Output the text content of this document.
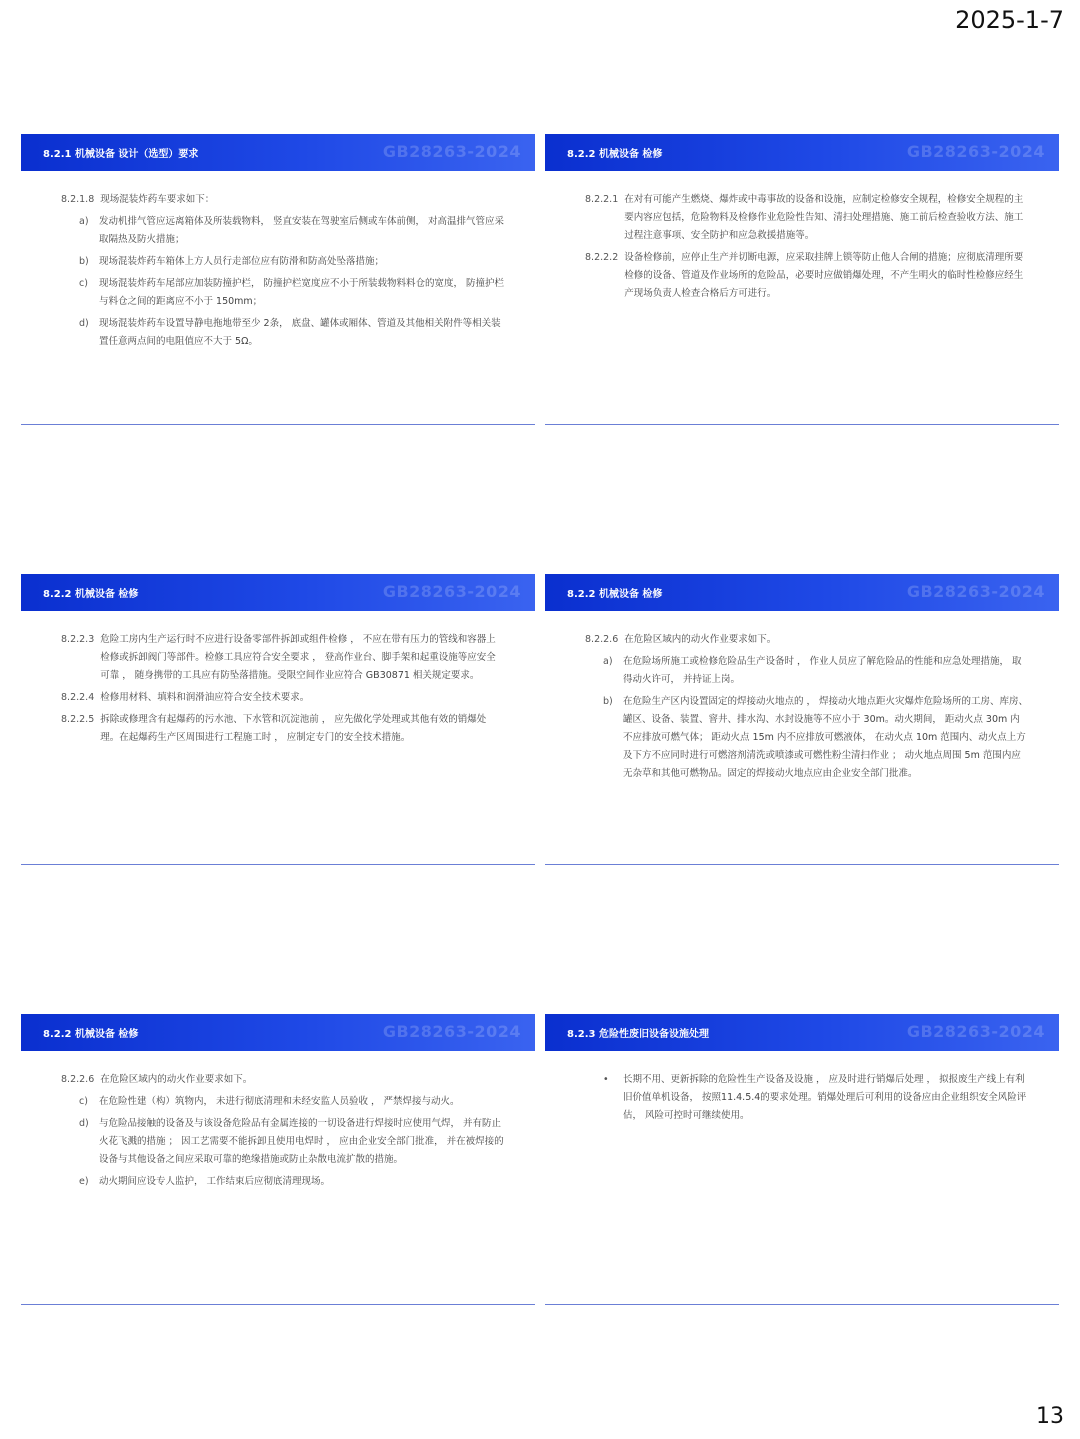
2025-1-7
8.2.1 机械设备 设计（选型）要求	GB28263-2024
8.2.1.8 现场混装炸药车要求如下：
a)	发动机排气管应远离箱体及所装载物料， 竖直安装在驾驶室后侧或车体前侧， 对高温排气管应采取隔热及防火措施；
b)	现场混装炸药车箱体上方人员行走部位应有防滑和防高处坠落措施；
c)	现场混装炸药车尾部应加装防撞护栏， 防撞护栏宽度应不小于所装载物料料仓的宽度， 防撞护栏与料仓之间的距离应不小于 150mm；
d)	现场混装炸药车设置导静电拖地带至少 2条， 底盘、罐体或厢体、管道及其他相关附件等相关装置任意两点间的电阻值应不大于 5Ω。
8.2.2 机械设备 检修	GB28263-2024
8.2.2.1 在对有可能产生燃烧、爆炸或中毒事故的设备和设施，应制定检修安全规程，检修安全规程的主要内容应包括，危险物料及检修作业危险性告知、清扫处理措施、施工前后检查验收方法、施工过程注意事项、安全防护和应急救援措施等。
8.2.2.2 设备检修前，应停止生产并切断电源，应采取挂牌上锁等防止他人合闸的措施；应彻底清理所要检修的设备、管道及作业场所的危险品，必要时应做销爆处理，不产生明火的临时性检修应经生产现场负责人检查合格后方可进行。
8.2.2 机械设备 检修	GB28263-2024
8.2.2.3 危险工房内生产运行时不应进行设备零部件拆卸或组件检修 ， 不应在带有压力的管线和容器上检修或拆卸阀门等部件。检修工具应符合安全要求 ， 登高作业台、脚手架和起重设施等应安全可靠 ， 随身携带的工具应有防坠落措施。受限空间作业应符合 GB30871 相关规定要求。
8.2.2.4 检修用材料、填料和润滑油应符合安全技术要求。
8.2.2.5 拆除或修理含有起爆药的污水池、下水管和沉淀池前 ， 应先做化学处理或其他有效的销爆处理。在起爆药生产区周围进行工程施工时 ， 应制定专门的安全技术措施。
8.2.2 机械设备 检修	GB28263-2024
8.2.2.6 在危险区域内的动火作业要求如下。
a)	在危险场所施工或检修危险品生产设备时 ， 作业人员应了解危险品的性能和应急处理措施， 取得动火许可， 并持证上岗。
b)	在危险生产区内设置固定的焊接动火地点的 ， 焊接动火地点距火灾爆炸危险场所的工房、库房、罐区、设备、装置、窨井、排水沟、水封设施等不应小于 30m。动火期间， 距动火点 30m 内不应排放可燃气体； 距动火点 15m 内不应排放可燃液体， 在动火点 10m 范围内、动火点上方及下方不应同时进行可燃溶剂清洗或喷漆或可燃性粉尘清扫作业 ； 动火地点周围 5m 范围内应无杂草和其他可燃物品。固定的焊接动火地点应由企业安全部门批准。
8.2.2 机械设备 检修	GB28263-2024
8.2.2.6 在危险区域内的动火作业要求如下。
c)	在危险性建（构）筑物内， 未进行彻底清理和未经安监人员验收 ， 严禁焊接与动火。
d)	与危险品接触的设备及与该设备危险品有金属连接的一切设备进行焊接时应使用气焊， 并有防止火花飞溅的措施 ； 因工艺需要不能拆卸且使用电焊时 ， 应由企业安全部门批准， 并在被焊接的设备与其他设备之间应采取可靠的绝缘措施或防止杂散电流扩散的措施。
e)	动火期间应设专人监护， 工作结束后应彻底清理现场。
8.2.3 危险性废旧设备设施处理	GB28263-2024
•	长期不用、更新拆除的危险性生产设备及设施 ， 应及时进行销爆后处理 ， 拟报废生产线上有利旧价值单机设备， 按照11.4.5.4的要求处理。销爆处理后可利用的设备应由企业组织安全风险评估， 风险可控时可继续使用。
13
